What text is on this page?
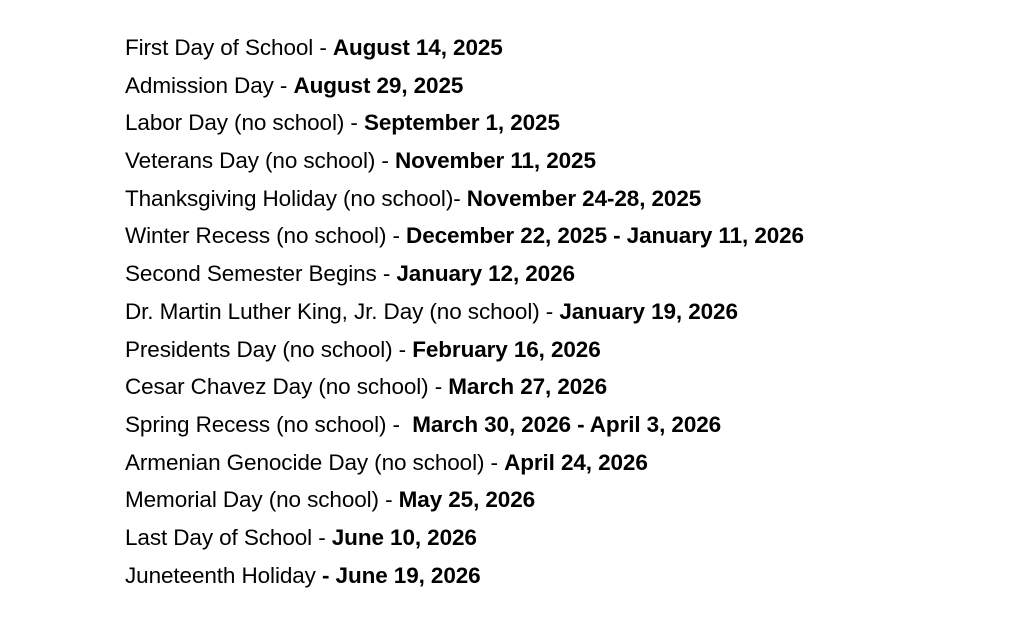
First Day of School - August 14, 2025
Admission Day - August 29, 2025
Labor Day (no school) - September 1, 2025
Veterans Day (no school) - November 11, 2025
Thanksgiving Holiday (no school)- November 24-28, 2025
Winter Recess (no school) - December 22, 2025 - January 11, 2026
Second Semester Begins - January 12, 2026
Dr. Martin Luther King, Jr. Day (no school) - January 19, 2026
Presidents Day (no school) - February 16, 2026
Cesar Chavez Day (no school) - March 27, 2026
Spring Recess (no school) -  March 30, 2026 - April 3, 2026
Armenian Genocide Day (no school) - April 24, 2026
Memorial Day (no school) - May 25, 2026
Last Day of School - June 10, 2026
Juneteenth Holiday - June 19, 2026
